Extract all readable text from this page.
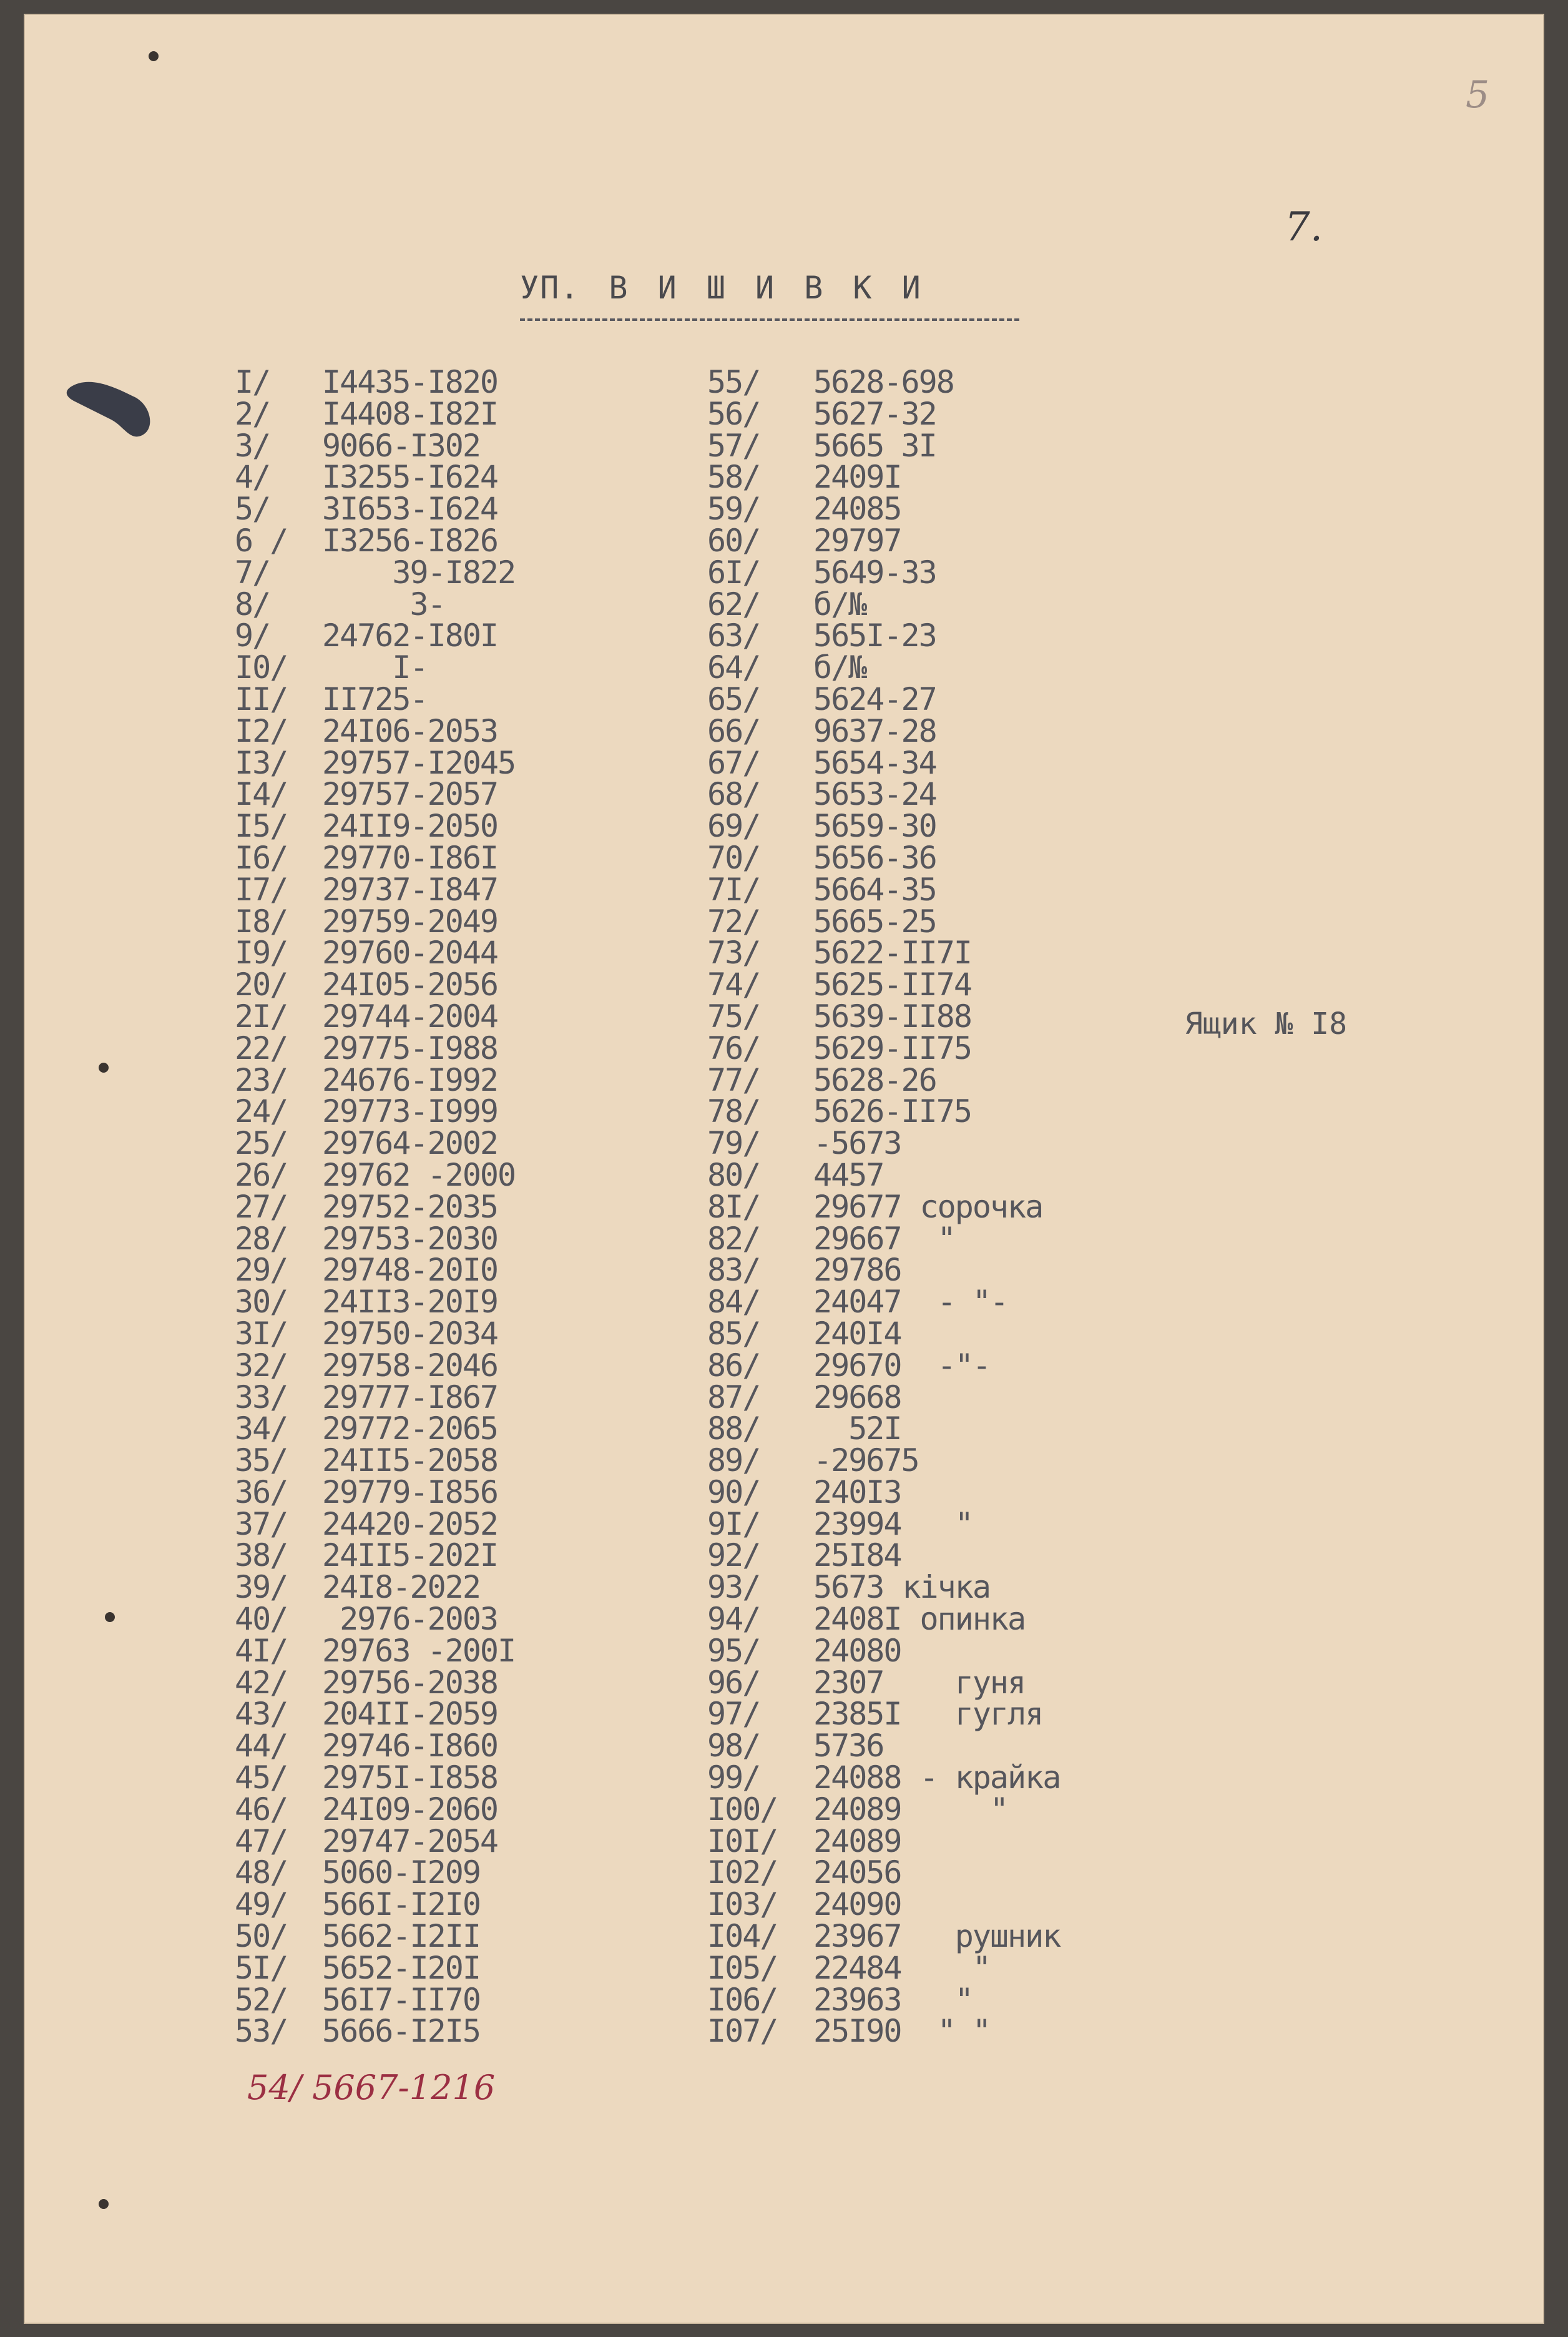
5
7.
УП. В И Ш И В К И
І/ І4435-І820
2/ І4408-І82І
3/ 9066-І302
4/ І3255-І624
5/ 3І653-І624
6 / І3256-І826
7/    39-І822
8/     3-
9/ 24762-І80І
І0/    І-
ІІ/ ІІ725-
І2/ 24І06-2053
І3/ 29757-І2045
І4/ 29757-2057
І5/ 24ІІ9-2050
І6/ 29770-І86І
І7/ 29737-І847
І8/ 29759-2049
І9/ 29760-2044
20/ 24І05-2056
2І/ 29744-2004
22/ 29775-І988
23/ 24676-І992
24/ 29773-І999
25/ 29764-2002
26/ 29762 -2000
27/ 29752-2035
28/ 29753-2030
29/ 29748-20І0
30/ 24ІІ3-20І9
3І/ 29750-2034
32/ 29758-2046
33/ 29777-І867
34/ 29772-2065
35/ 24ІІ5-2058
36/ 29779-І856
37/ 24420-2052
38/ 24ІІ5-202І
39/ 24І8-2022
40/ 2976-2003
4І/ 29763 -200І
42/ 29756-2038
43/ 204ІІ-2059
44/ 29746-І860
45/ 2975І-І858
46/ 24І09-2060
47/ 29747-2054
48/ 5060-І209
49/ 566І-І2І0
50/ 5662-І2ІІ
5І/ 5652-І20І
52/ 56І7-ІІ70
53/ 5666-І2І5
55/ 5628-698
56/ 5627-32
57/ 5665 3І
58/ 2409І
59/ 24085
60/ 29797
6І/ 5649-33
62/ б/№
63/ 565І-23
64/ б/№
65/ 5624-27
66/ 9637-28
67/ 5654-34
68/ 5653-24
69/ 5659-30
70/ 5656-36
7І/ 5664-35
72/ 5665-25
73/ 5622-ІІ7І
74/ 5625-ІІ74
75/ 5639-ІІ88
76/ 5629-ІІ75
77/ 5628-26
78/ 5626-ІІ75
79/ -5673
80/ 4457
8І/ 29677 сорочка
82/ 29667 "
83/ 29786
84/ 24047 - "-
85/ 240І4
86/ 29670 -"-
87/ 29668
88/  52І
89/ -29675
90/ 240І3
9І/ 23994  "
92/ 25І84
93/ 5673 кічка
94/ 2408І опинка
95/ 24080
96/ 2307   гуня
97/ 2385І  гугля
98/ 5736
99/ 24088 - крайка
І00/ 24089    "
І0І/ 24089
І02/ 24056
І03/ 24090
І04/ 23967  рушник
І05/ 22484   "
І06/ 23963  "
І07/ 25І90 " "
Ящик № І8
54/ 5667-1216
